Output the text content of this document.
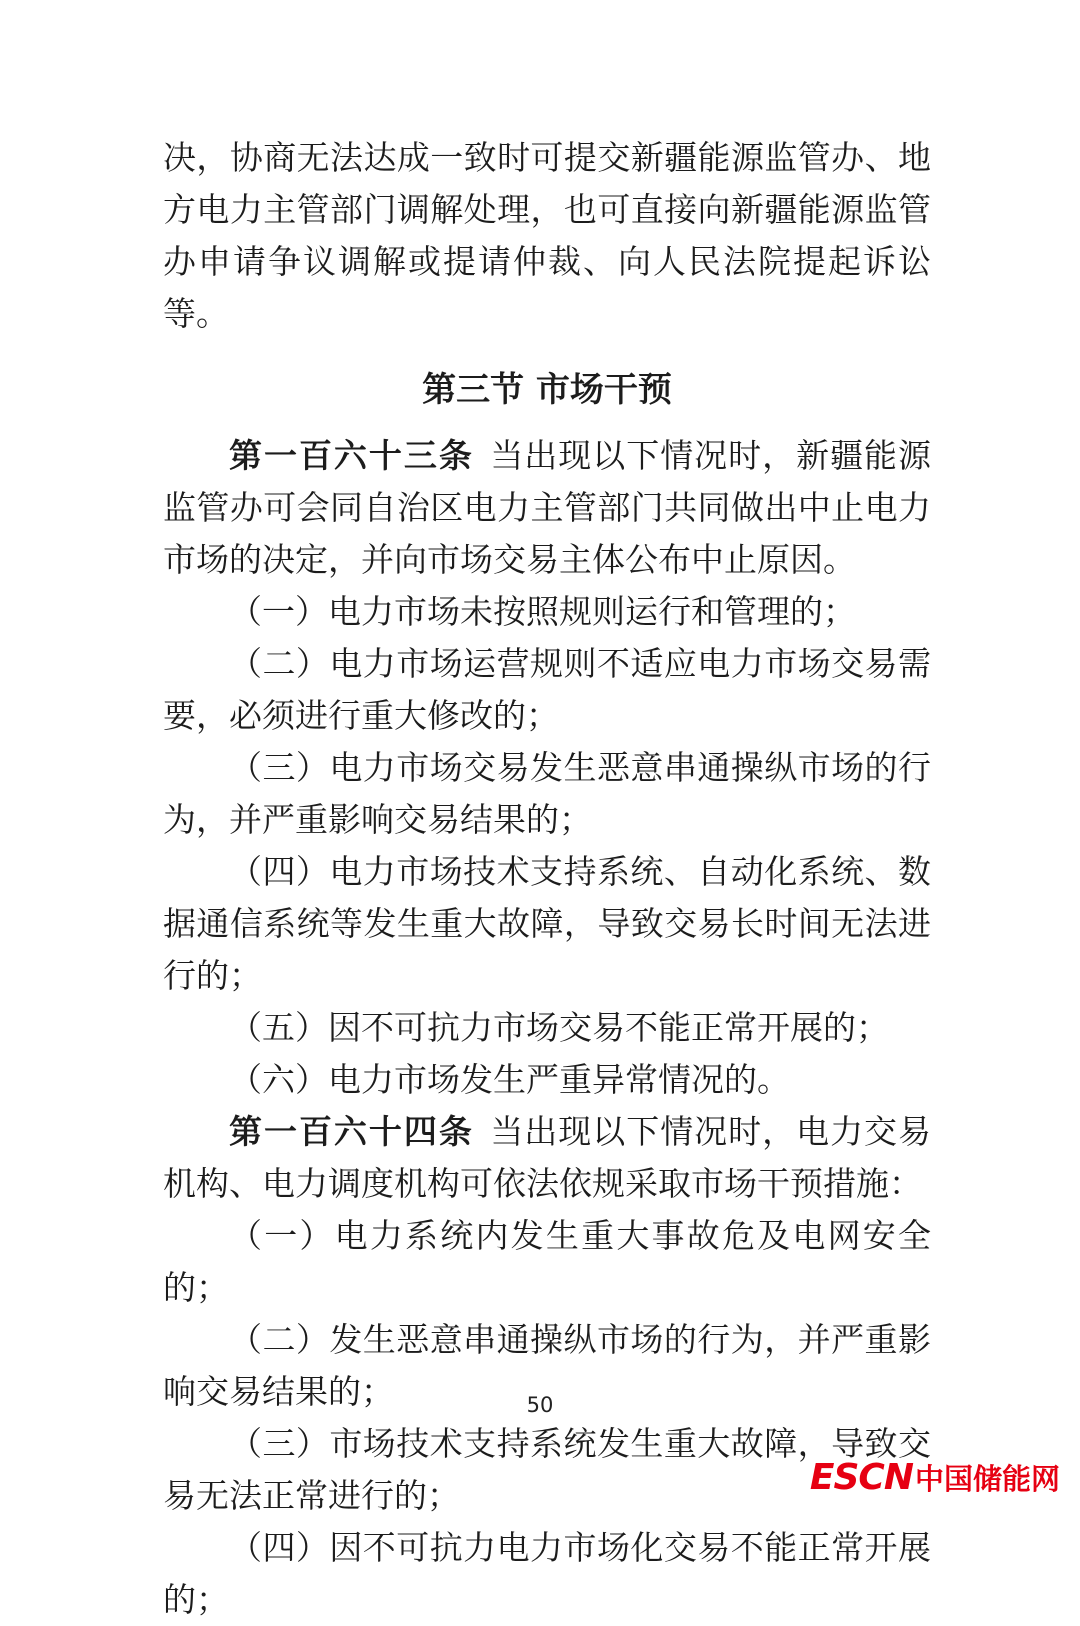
决，协商无法达成一致时可提交新疆能源监管办、地方电力主管部门调解处理，也可直接向新疆能源监管办申请争议调解或提请仲裁、向人民法院提起诉讼等。

第三节 市场干预

第一百六十三条 当出现以下情况时，新疆能源监管办可会同自治区电力主管部门共同做出中止电力市场的决定，并向市场交易主体公布中止原因。

（一）电力市场未按照规则运行和管理的；

（二）电力市场运营规则不适应电力市场交易需要，必须进行重大修改的；

（三）电力市场交易发生恶意串通操纵市场的行为，并严重影响交易结果的；

（四）电力市场技术支持系统、自动化系统、数据通信系统等发生重大故障，导致交易长时间无法进行的；

（五）因不可抗力市场交易不能正常开展的；

（六）电力市场发生严重异常情况的。

第一百六十四条 当出现以下情况时，电力交易机构、电力调度机构可依法依规采取市场干预措施：

（一）电力系统内发生重大事故危及电网安全的；

（二）发生恶意串通操纵市场的行为，并严重影响交易结果的；

（三）市场技术支持系统发生重大故障，导致交易无法正常进行的；

（四）因不可抗力电力市场化交易不能正常开展的；

50
ESCN 中国储能网
